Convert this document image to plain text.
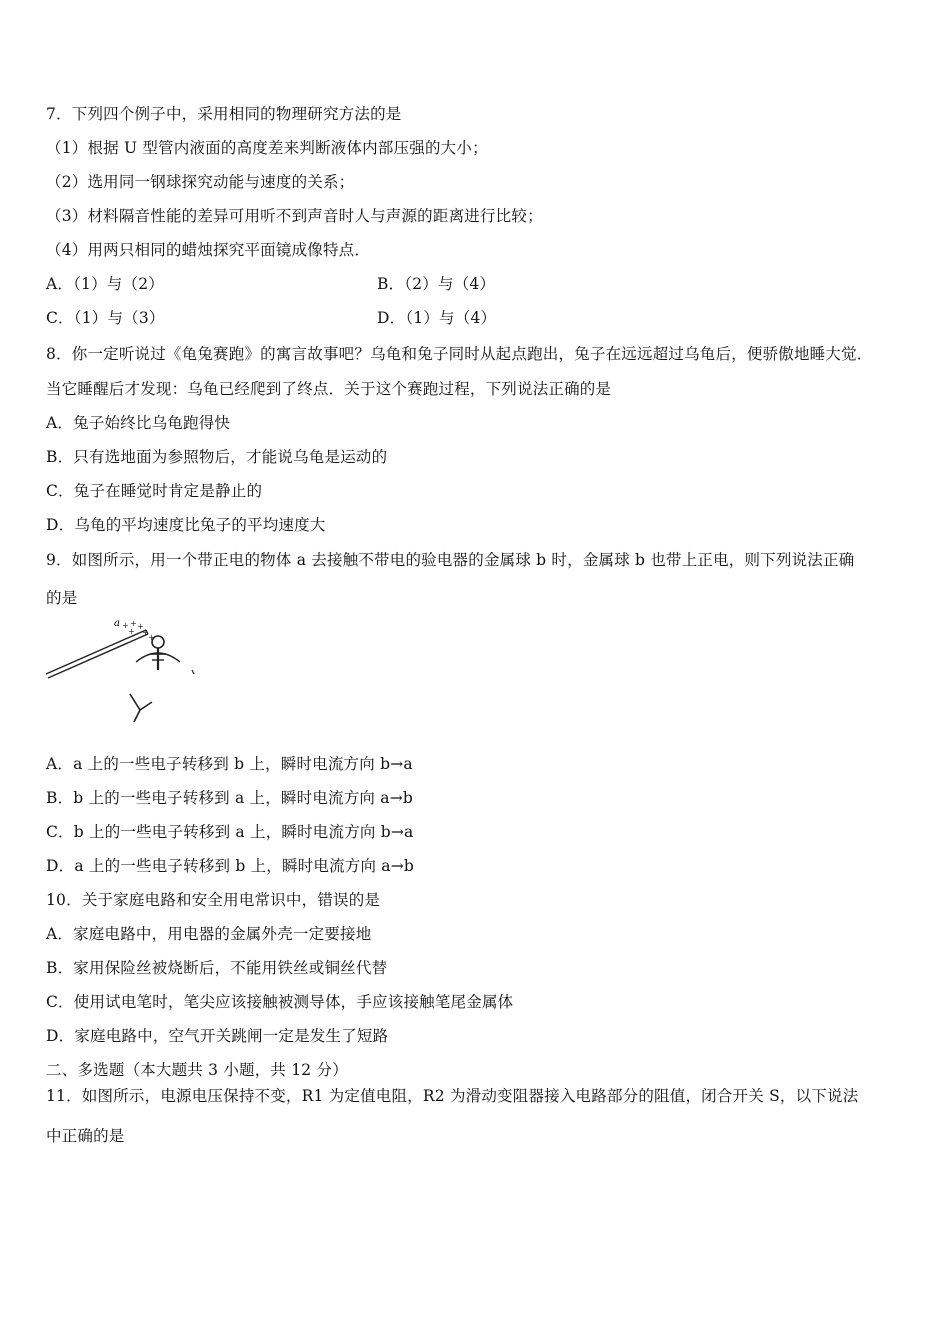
7．下列四个例子中，采用相同的物理研究方法的是
（1）根据 U 型管内液面的高度差来判断液体内部压强的大小；
（2）选用同一钢球探究动能与速度的关系；
（3）材料隔音性能的差异可用听不到声音时人与声源的距离进行比较；
（4）用两只相同的蜡烛探究平面镜成像特点．
A．（1）与（2）	B．（2）与（4）
C．（1）与（3）	D．（1）与（4）
8．你一定听说过《龟兔赛跑》的寓言故事吧？乌龟和兔子同时从起点跑出，兔子在远远超过乌龟后，便骄傲地睡大觉．
当它睡醒后才发现：乌龟已经爬到了终点．关于这个赛跑过程，下列说法正确的是
A．兔子始终比乌龟跑得快
B．只有选地面为参照物后，才能说乌龟是运动的
C．兔子在睡觉时肯定是静止的
D．乌龟的平均速度比兔子的平均速度大
9．如图所示，用一个带正电的物体 a 去接触不带电的验电器的金属球 b 时，金属球 b 也带上正电，则下列说法正确
的是
a + + +
+ +
+
A．a 上的一些电子转移到 b 上，瞬时电流方向 b→a
B．b 上的一些电子转移到 a 上，瞬时电流方向 a→b
C．b 上的一些电子转移到 a 上，瞬时电流方向 b→a
D．a 上的一些电子转移到 b 上，瞬时电流方向 a→b
10．关于家庭电路和安全用电常识中，错误的是
A．家庭电路中，用电器的金属外壳一定要接地
B．家用保险丝被烧断后，不能用铁丝或铜丝代替
C．使用试电笔时，笔尖应该接触被测导体，手应该接触笔尾金属体
D．家庭电路中，空气开关跳闸一定是发生了短路
二、多选题（本大题共 3 小题，共 12 分）
11．如图所示，电源电压保持不变，R1 为定值电阻，R2 为滑动变阻器接入电路部分的阻值，闭合开关 S，以下说法
中正确的是
